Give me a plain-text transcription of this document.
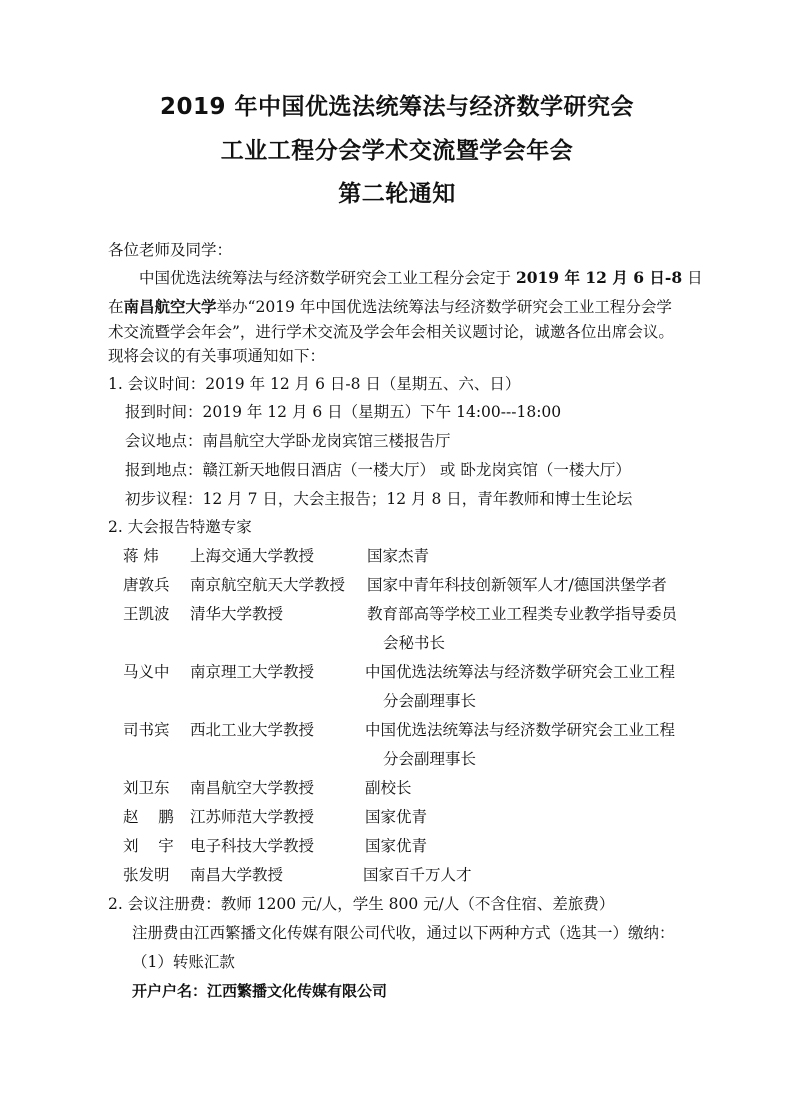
2019 年中国优选法统筹法与经济数学研究会
工业工程分会学术交流暨学会年会
第二轮通知
各位老师及同学：
中国优选法统筹法与经济数学研究会工业工程分会定于 2019 年 12 月 6 日-8 日
在南昌航空大学举办“2019 年中国优选法统筹法与经济数学研究会工业工程分会学
术交流暨学会年会”，进行学术交流及学会年会相关议题讨论，诚邀各位出席会议。
现将会议的有关事项通知如下：
1. 会议时间：2019 年 12 月 6 日-8 日（星期五、六、日）
报到时间：2019 年 12 月 6 日（星期五）下午 14:00---18:00
会议地点：南昌航空大学卧龙岗宾馆三楼报告厅
报到地点：赣江新天地假日酒店（一楼大厅） 或 卧龙岗宾馆（一楼大厅）
初步议程：12 月 7 日，大会主报告；12 月 8 日，青年教师和博士生论坛
2. 大会报告特邀专家
蒋 炜 上海交通大学教授	国家杰青
唐敦兵 南京航空航天大学教授 国家中青年科技创新领军人才/德国洪堡学者
王凯波 清华大学教授	教育部高等学校工业工程类专业教学指导委员
会秘书长
马义中 南京理工大学教授	中国优选法统筹法与经济数学研究会工业工程
分会副理事长
司书宾 西北工业大学教授	中国优选法统筹法与经济数学研究会工业工程
分会副理事长
刘卫东 南昌航空大学教授	副校长
赵    鹏 江苏师范大学教授	国家优青
刘    宇 电子科技大学教授	国家优青
张发明 南昌大学教授	国家百千万人才
2. 会议注册费：教师 1200 元/人，学生 800 元/人（不含住宿、差旅费）
注册费由江西繁播文化传媒有限公司代收，通过以下两种方式（选其一）缴纳：
（1）转账汇款
开户户名：江西繁播文化传媒有限公司
